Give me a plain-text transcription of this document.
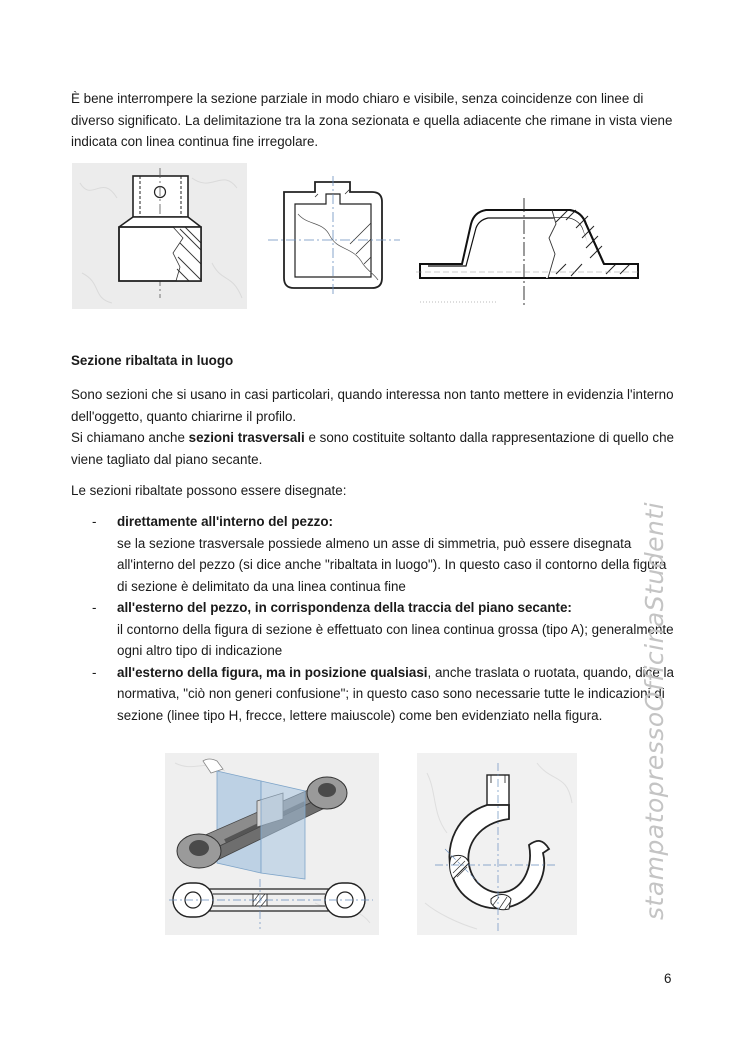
È bene interrompere la sezione parziale in modo chiaro e visibile, senza coincidenze con linee di diverso significato. La delimitazione tra la zona sezionata e quella adiacente che rimane in vista viene indicata con linea continua fine irregolare.

Sezione ribaltata in luogo

Sono sezioni che si usano in casi particolari, quando interessa non tanto mettere in evidenzia l'interno dell'oggetto, quanto chiarirne il profilo.

Si chiamano anche sezioni trasversali e sono costituite soltanto dalla rappresentazione di quello che viene tagliato dal piano secante.

Le sezioni ribaltate possono essere disegnate:

- direttamente all'interno del pezzo:
se la sezione trasversale possiede almeno un asse di simmetria, può essere disegnata all'interno del pezzo (si dice anche "ribaltata in luogo"). In questo caso il contorno della figura di sezione è delimitato da una linea continua fine
- all'esterno del pezzo, in corrispondenza della traccia del piano secante:
il contorno della figura di sezione è effettuato con linea continua grossa (tipo A); generalmente ogni altro tipo di indicazione
- all'esterno della figura, ma in posizione qualsiasi, anche traslata o ruotata, quando, dice la normativa, "ciò non generi confusione"; in questo caso sono necessarie tutte le indicazioni di sezione (linee tipo H, frecce, lettere maiuscole) come ben evidenziato nella figura.
6
stampatopressoOfficinaStudenti
